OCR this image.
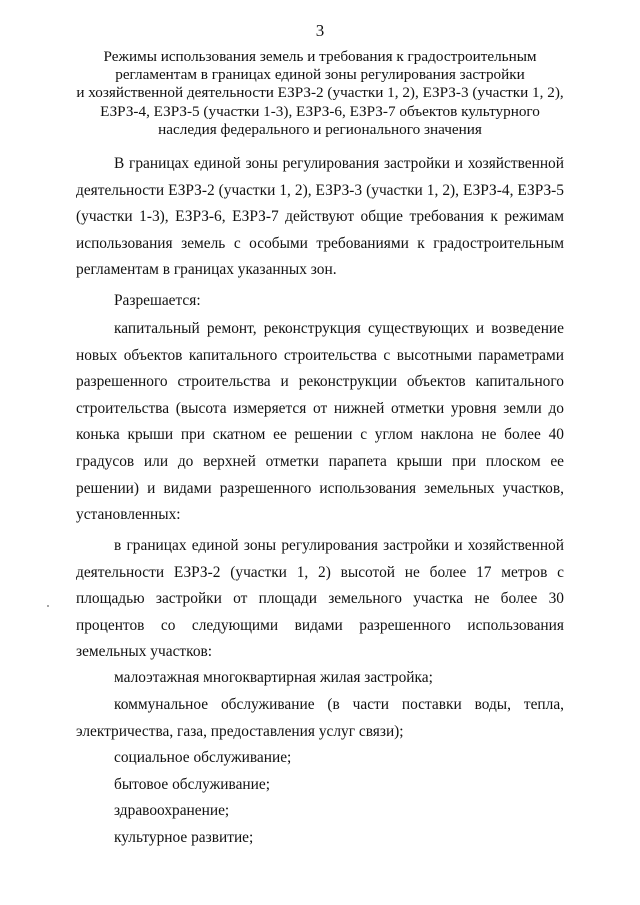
3
Режимы использования земель и требования к градостроительным
регламентам в границах единой зоны регулирования застройки
и хозяйственной деятельности ЕЗРЗ-2 (участки 1, 2), ЕЗРЗ-3 (участки 1, 2),
ЕЗРЗ-4, ЕЗРЗ-5 (участки 1-3), ЕЗРЗ-6, ЕЗРЗ-7 объектов культурного
наследия федерального и регионального значения

В границах единой зоны регулирования застройки и хозяйственной деятельности ЕЗРЗ-2 (участки 1, 2), ЕЗРЗ-3 (участки 1, 2), ЕЗРЗ-4, ЕЗРЗ-5 (участки 1-3), ЕЗРЗ-6, ЕЗРЗ-7 действуют общие требования к режимам использования земель с особыми требованиями к градостроительным регламентам в границах указанных зон.

Разрешается:

капитальный ремонт, реконструкция существующих и возведение новых объектов капитального строительства с высотными параметрами разрешенного строительства и реконструкции объектов капитального строительства (высота измеряется от нижней отметки уровня земли до конька крыши при скатном ее решении с углом наклона не более 40 градусов или до верхней отметки парапета крыши при плоском ее решении) и видами разрешенного использования земельных участков, установленных:

в границах единой зоны регулирования застройки и хозяйственной деятельности ЕЗРЗ-2 (участки 1, 2) высотой не более 17 метров с площадью застройки от площади земельного участка не более 30 процентов со следующими видами разрешенного использования земельных участков:

малоэтажная многоквартирная жилая застройка;

коммунальное обслуживание (в части поставки воды, тепла, электричества, газа, предоставления услуг связи);

социальное обслуживание;

бытовое обслуживание;

здравоохранение;

культурное развитие;
